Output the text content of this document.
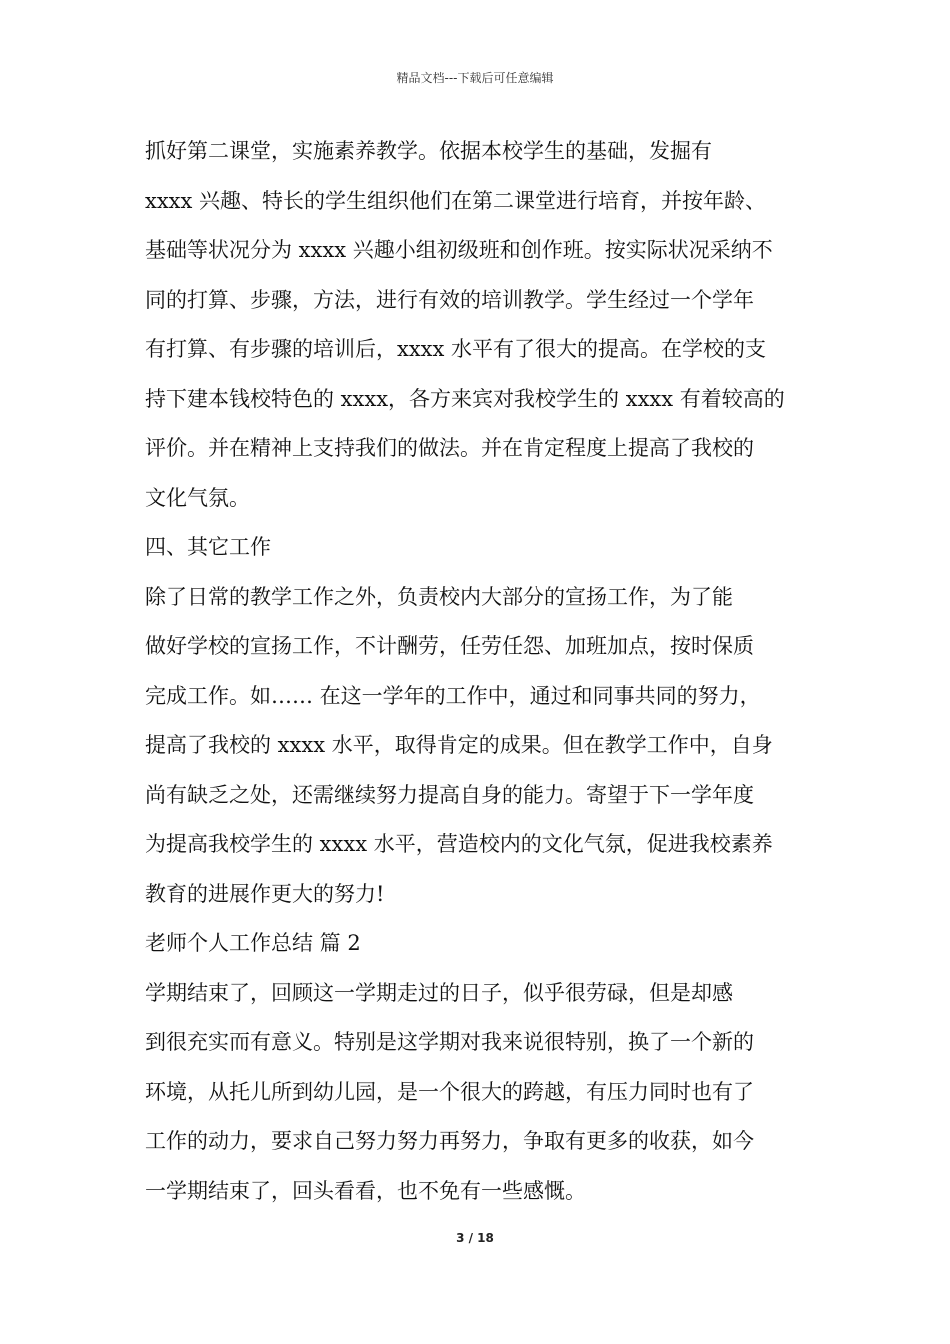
精品文档---下载后可任意编辑
抓好第二课堂，实施素养教学。依据本校学生的基础，发掘有
xxxx 兴趣、特长的学生组织他们在第二课堂进行培育，并按年龄、
基础等状况分为 xxxx 兴趣小组初级班和创作班。按实际状况采纳不
同的打算、步骤，方法，进行有效的培训教学。学生经过一个学年
有打算、有步骤的培训后，xxxx 水平有了很大的提高。在学校的支
持下建本钱校特色的 xxxx，各方来宾对我校学生的 xxxx 有着较高的
评价。并在精神上支持我们的做法。并在肯定程度上提高了我校的
文化气氛。
四、其它工作
除了日常的教学工作之外，负责校内大部分的宣扬工作，为了能
做好学校的宣扬工作，不计酬劳，任劳任怨、加班加点，按时保质
完成工作。如…… 在这一学年的工作中，通过和同事共同的努力，
提高了我校的 xxxx 水平，取得肯定的成果。但在教学工作中，自身
尚有缺乏之处，还需继续努力提高自身的能力。寄望于下一学年度
为提高我校学生的 xxxx 水平，营造校内的文化气氛，促进我校素养
教育的进展作更大的努力!
老师个人工作总结 篇 2
学期结束了，回顾这一学期走过的日子，似乎很劳碌，但是却感
到很充实而有意义。特别是这学期对我来说很特别，换了一个新的
环境，从托儿所到幼儿园，是一个很大的跨越，有压力同时也有了
工作的动力，要求自己努力努力再努力，争取有更多的收获，如今
一学期结束了，回头看看，也不免有一些感慨。
3 / 18
